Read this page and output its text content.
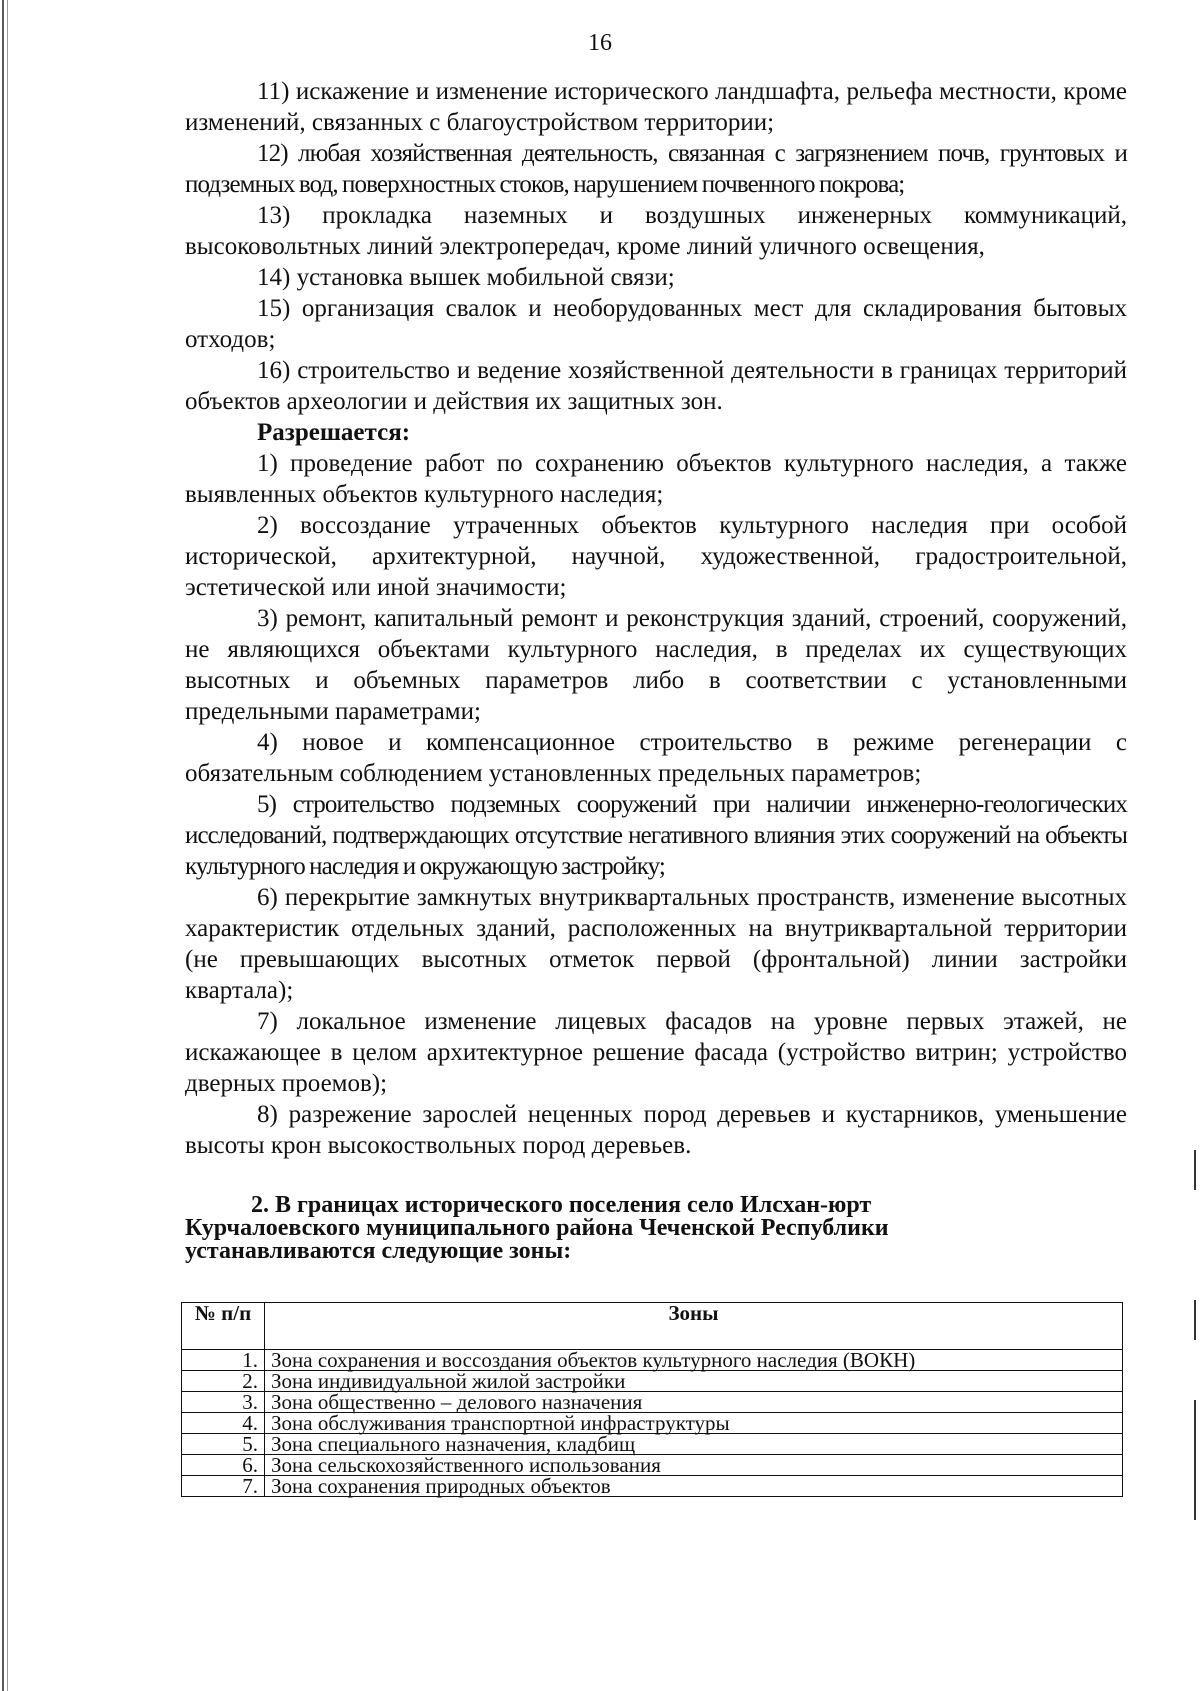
16

11) искажение и изменение исторического ландшафта, рельефа местности, кроме изменений, связанных с благоустройством территории;

12) любая хозяйственная деятельность, связанная с загрязнением почв, грунтовых и подземных вод, поверхностных стоков, нарушением почвенного покрова;

13) прокладка наземных и воздушных инженерных коммуникаций, высоковольтных линий электропередач, кроме линий уличного освещения,

14) установка вышек мобильной связи;

15) организация свалок и необорудованных мест для складирования бытовых отходов;

16) строительство и ведение хозяйственной деятельности в границах территорий объектов археологии и действия их защитных зон.

Разрешается:

1) проведение работ по сохранению объектов культурного наследия, а также выявленных объектов культурного наследия;

2) воссоздание утраченных объектов культурного наследия при особой исторической, архитектурной, научной, художественной, градостроительной, эстетической или иной значимости;

3) ремонт, капитальный ремонт и реконструкция зданий, строений, сооружений, не являющихся объектами культурного наследия, в пределах их существующих высотных и объемных параметров либо в соответствии с установленными предельными параметрами;

4) новое и компенсационное строительство в режиме регенерации с обязательным соблюдением установленных предельных параметров;

5) строительство подземных сооружений при наличии инженерно-геологических исследований, подтверждающих отсутствие негативного влияния этих сооружений на объекты культурного наследия и окружающую застройку;

6) перекрытие замкнутых внутриквартальных пространств, изменение высотных характеристик отдельных зданий, расположенных на внутриквартальной территории (не превышающих высотных отметок первой (фронтальной) линии застройки квартала);

7) локальное изменение лицевых фасадов на уровне первых этажей, не искажающее в целом архитектурное решение фасада (устройство витрин; устройство дверных проемов);

8) разрежение зарослей неценных пород деревьев и кустарников, уменьшение высоты крон высокоствольных пород деревьев.

2. В границах исторического поселения село Илсхан-юрт
Курчалоевского муниципального района Чеченской Республики
устанавливаются следующие зоны:
№ п/п	Зоны
1.	Зона сохранения и воссоздания объектов культурного наследия (ВОКН)
2.	Зона индивидуальной жилой застройки
3.	Зона общественно – делового назначения
4.	Зона обслуживания транспортной инфраструктуры
5.	Зона специального назначения, кладбищ
6.	Зона сельскохозяйственного использования
7.	Зона сохранения природных объектов
